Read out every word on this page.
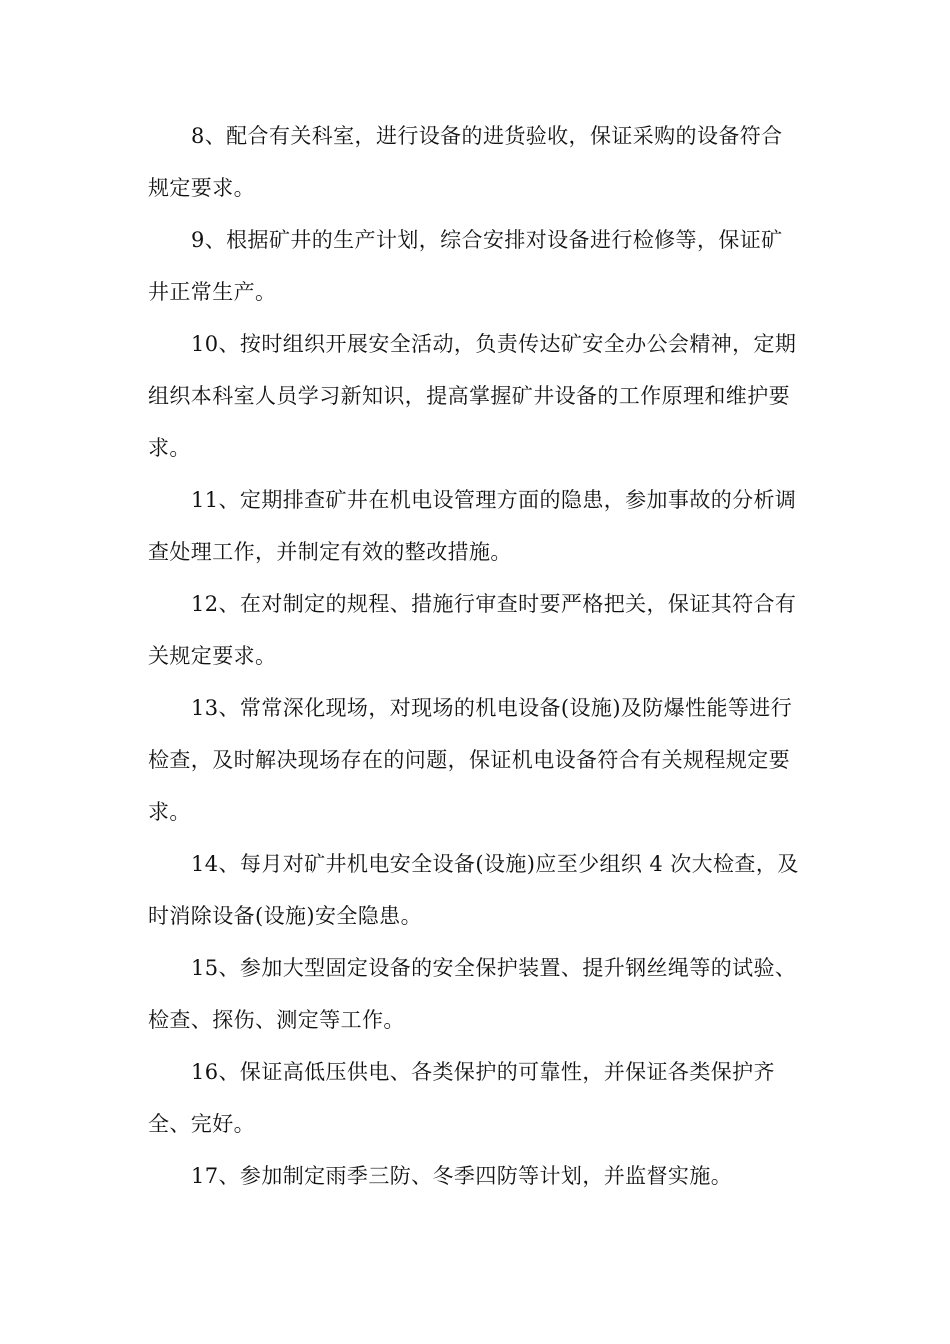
8、配合有关科室，进行设备的进货验收，保证采购的设备符合规定要求。

9、根据矿井的生产计划，综合安排对设备进行检修等，保证矿井正常生产。

10、按时组织开展安全活动，负责传达矿安全办公会精神，定期组织本科室人员学习新知识，提高掌握矿井设备的工作原理和维护要求。

11、定期排查矿井在机电设管理方面的隐患，参加事故的分析调查处理工作，并制定有效的整改措施。

12、在对制定的规程、措施行审查时要严格把关，保证其符合有关规定要求。

13、常常深化现场，对现场的机电设备(设施)及防爆性能等进行检查，及时解决现场存在的问题，保证机电设备符合有关规程规定要求。

14、每月对矿井机电安全设备(设施)应至少组织 4 次大检查，及时消除设备(设施)安全隐患。

15、参加大型固定设备的安全保护装置、提升钢丝绳等的试验、检查、探伤、测定等工作。

16、保证高低压供电、各类保护的可靠性，并保证各类保护齐全、完好。

17、参加制定雨季三防、冬季四防等计划，并监督实施。
